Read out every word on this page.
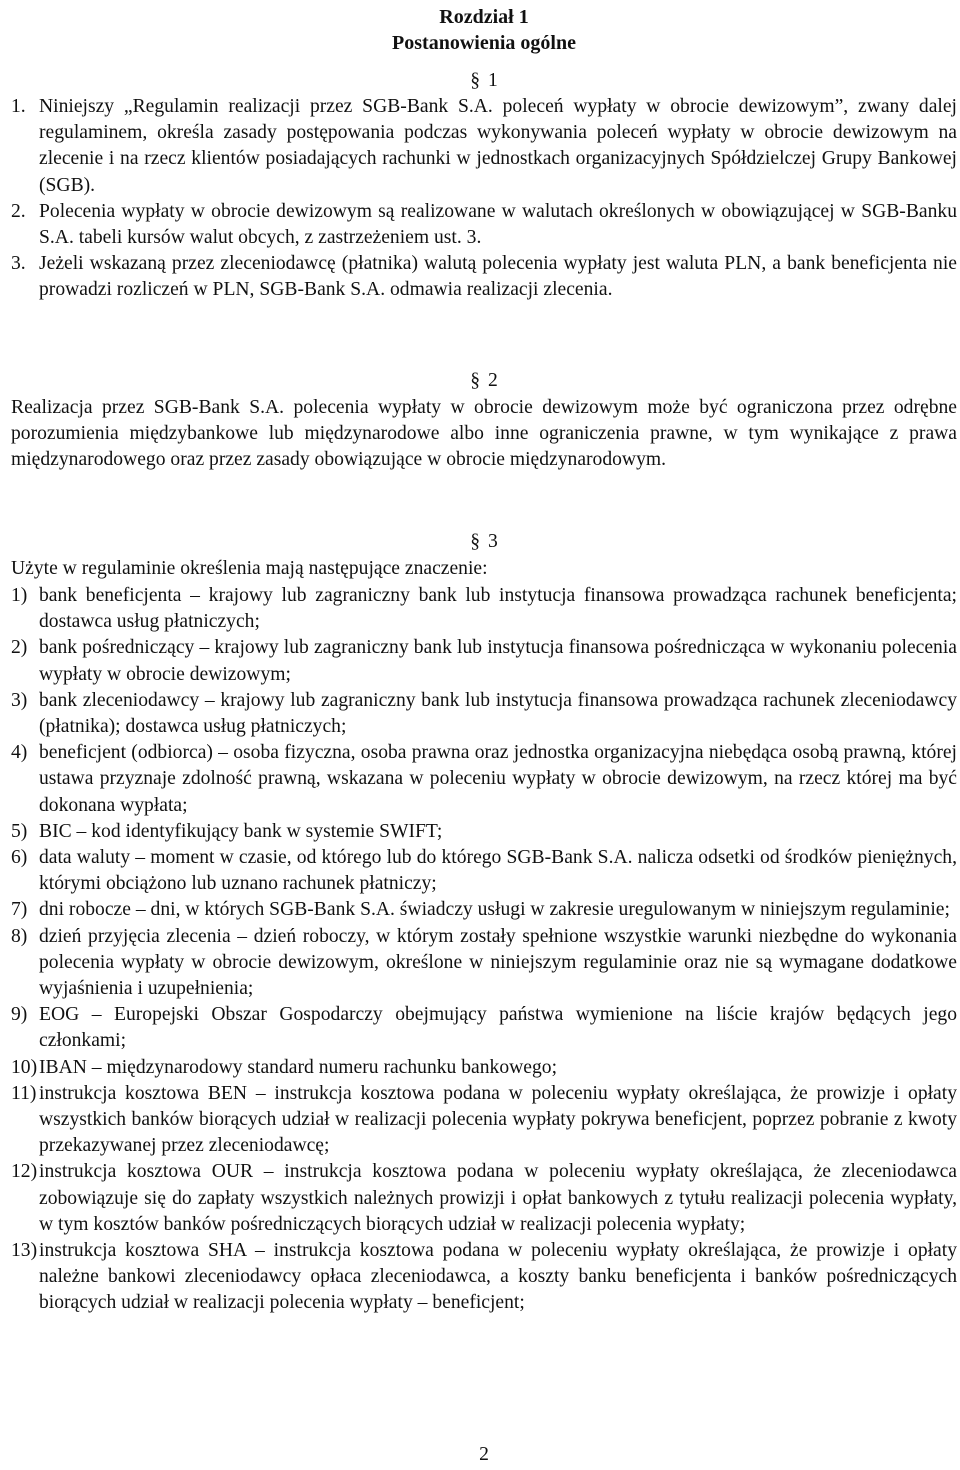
Rozdział 1
Postanowienia ogólne
§ 1
1. Niniejszy „Regulamin realizacji przez SGB-Bank S.A. poleceń wypłaty w obrocie dewizowym”, zwany dalej regulaminem, określa zasady postępowania podczas wykonywania poleceń wypłaty w obrocie dewizowym na zlecenie i na rzecz klientów posiadających rachunki w jednostkach organizacyjnych Spółdzielczej Grupy Bankowej (SGB).
2. Polecenia wypłaty w obrocie dewizowym są realizowane w walutach określonych w obowiązującej w SGB-Banku S.A. tabeli kursów walut obcych, z zastrzeżeniem ust. 3.
3. Jeżeli wskazaną przez zleceniodawcę (płatnika) walutą polecenia wypłaty jest waluta PLN, a bank beneficjenta nie prowadzi rozliczeń w PLN, SGB-Bank S.A. odmawia realizacji zlecenia.
§ 2
Realizacja przez SGB-Bank S.A. polecenia wypłaty w obrocie dewizowym może być ograniczona przez odrębne porozumienia międzybankowe lub międzynarodowe albo inne ograniczenia prawne, w tym wynikające z prawa międzynarodowego oraz przez zasady obowiązujące w obrocie międzynarodowym.
§ 3
Użyte w regulaminie określenia mają następujące znaczenie:
1) bank beneficjenta – krajowy lub zagraniczny bank lub instytucja finansowa prowadząca rachunek beneficjenta; dostawca usług płatniczych;
2) bank pośredniczący – krajowy lub zagraniczny bank lub instytucja finansowa pośrednicząca w wykonaniu polecenia wypłaty w obrocie dewizowym;
3) bank zleceniodawcy – krajowy lub zagraniczny bank lub instytucja finansowa prowadząca rachunek zleceniodawcy (płatnika); dostawca usług płatniczych;
4) beneficjent (odbiorca) – osoba fizyczna, osoba prawna oraz jednostka organizacyjna niebędąca osobą prawną, której ustawa przyznaje zdolność prawną, wskazana w poleceniu wypłaty w obrocie dewizowym, na rzecz której ma być dokonana wypłata;
5) BIC – kod identyfikujący bank w systemie SWIFT;
6) data waluty – moment w czasie, od którego lub do którego SGB-Bank S.A. nalicza odsetki od środków pieniężnych, którymi obciążono lub uznano rachunek płatniczy;
7) dni robocze – dni, w których SGB-Bank S.A. świadczy usługi w zakresie uregulowanym w niniejszym regulaminie;
8) dzień przyjęcia zlecenia – dzień roboczy, w którym zostały spełnione wszystkie warunki niezbędne do wykonania polecenia wypłaty w obrocie dewizowym, określone w niniejszym regulaminie oraz nie są wymagane dodatkowe wyjaśnienia i uzupełnienia;
9) EOG – Europejski Obszar Gospodarczy obejmujący państwa wymienione na liście krajów będących jego członkami;
10) IBAN – międzynarodowy standard numeru rachunku bankowego;
11) instrukcja kosztowa BEN – instrukcja kosztowa podana w poleceniu wypłaty określająca, że prowizje i opłaty wszystkich banków biorących udział w realizacji polecenia wypłaty pokrywa beneficjent, poprzez pobranie z kwoty przekazywanej przez zleceniodawcę;
12) instrukcja kosztowa OUR – instrukcja kosztowa podana w poleceniu wypłaty określająca, że zleceniodawca zobowiązuje się do zapłaty wszystkich należnych prowizji i opłat bankowych z tytułu realizacji polecenia wypłaty, w tym kosztów banków pośredniczących biorących udział w realizacji polecenia wypłaty;
13) instrukcja kosztowa SHA – instrukcja kosztowa podana w poleceniu wypłaty określająca, że prowizje i opłaty należne bankowi zleceniodawcy opłaca zleceniodawca, a koszty banku beneficjenta i banków pośredniczących biorących udział w realizacji polecenia wypłaty – beneficjent;
2
